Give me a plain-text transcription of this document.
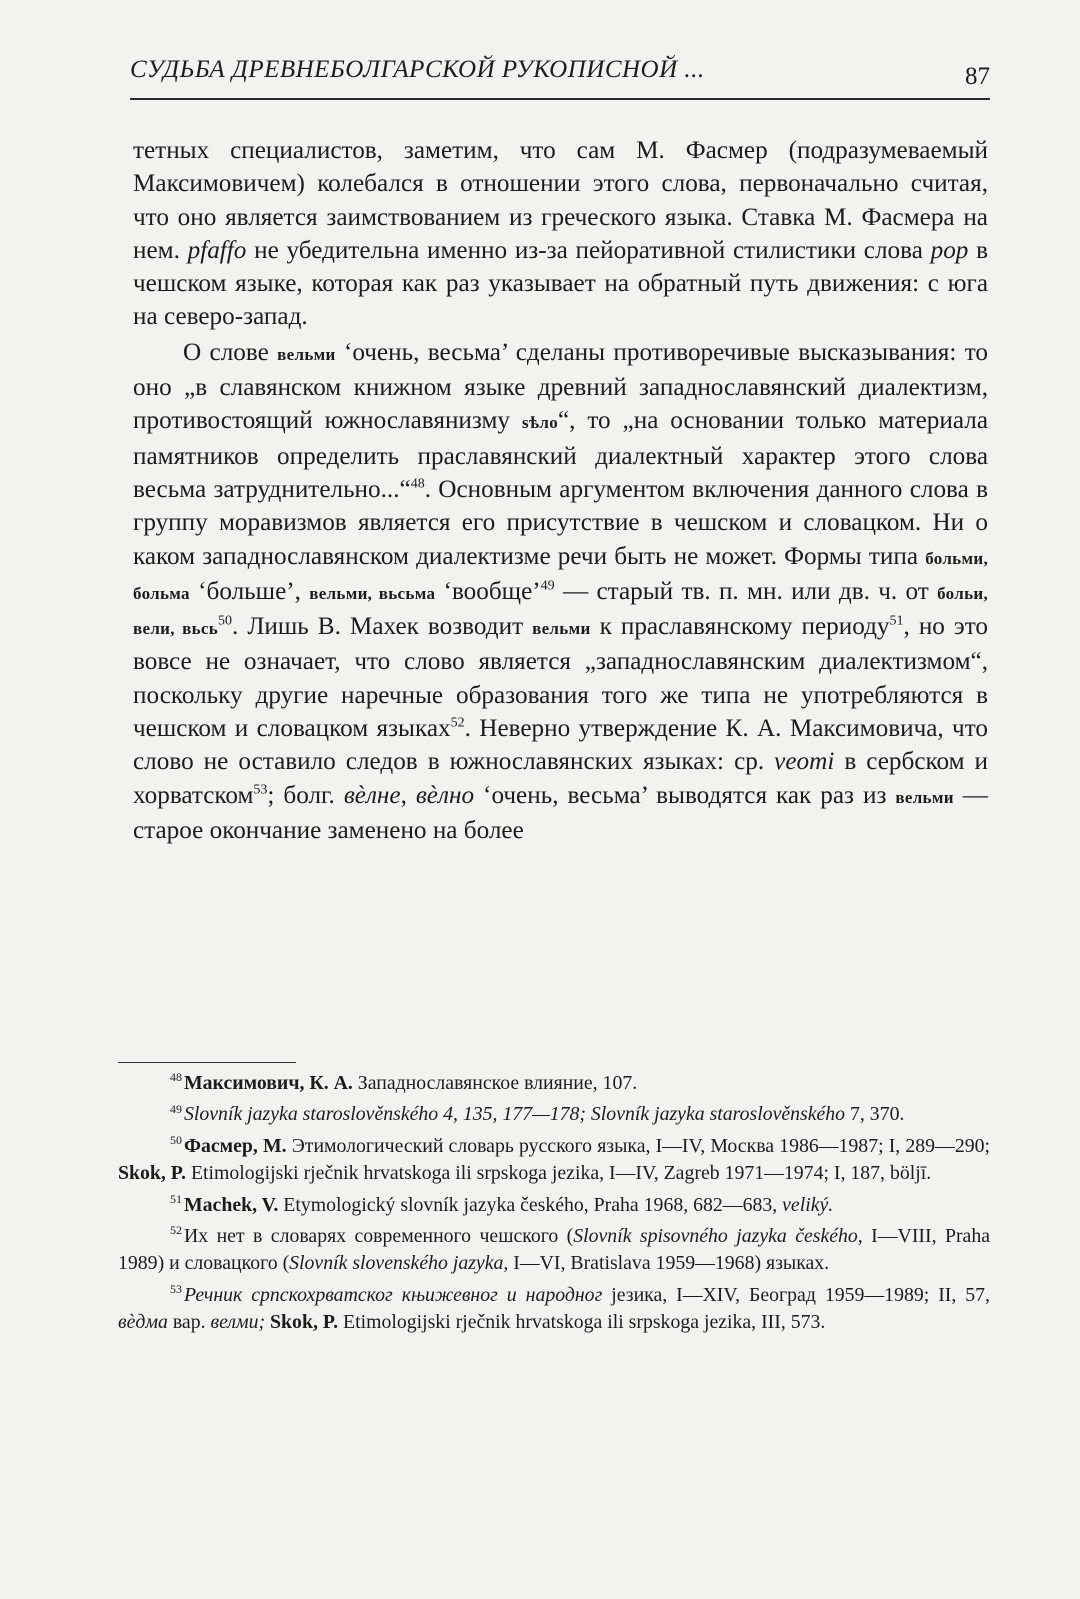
СУДЬБА ДРЕВНЕБОЛГАРСКОЙ РУКОПИСНОЙ ...	87

тетных специалистов, заметим, что сам М. Фасмер (подразумеваемый Максимовичем) колебался в отношении этого слова, первоначально считая, что оно является заимствованием из греческого языка. Ставка М. Фасмера на нем. pfaffo не убедительна именно из-за пейоративной стилистики слова pop в чешском языке, которая как раз указывает на обратный путь движения: с юга на северо-запад.

О слове вельми ‘очень, весьма’ сделаны противоречивые высказывания: то оно „в славянском книжном языке древний западнославянский диалектизм, противостоящий южнославянизму ѕѣло“, то „на основании только материала памятников определить праславянский диалектный характер этого слова весьма затруднительно...“$^{48}$. Основным аргументом включения данного слова в группу моравизмов является его присутствие в чешском и словацком. Ни о каком западнославянском диалектизме речи быть не может. Формы типа больми, больма ‘больше’, вельми, вьсьма ‘вообще’$^{49}$ — старый тв. п. мн. или дв. ч. от больи, вели, вьсь$^{50}$. Лишь В. Махек возводит вельми к праславянскому периоду$^{51}$, но это вовсе не означает, что слово является „западнославянским диалектизмом“, поскольку другие наречные образования того же типа не употребляются в чешском и словацком языках$^{52}$. Неверно утверждение К. А. Максимовича, что слово не оставило следов в южнославянских языках: ср. veomi в сербском и хорватском$^{53}$; болг. вѐлне, вѐлно ‘очень, весьма’ выводятся как раз из вельми — старое окончание заменено на более

$^{48}$ Максимович, К. А. Западнославянское влияние, 107.

$^{49}$ Slovník jazyka staroslověnského 4, 135, 177—178; Slovník jazyka staroslověnského 7, 370.

$^{50}$ Фасмер, М. Этимологический словарь русского языка, I—IV, Москва 1986—1987; I, 289—290; Skok, P. Etimologijski rječnik hrvatskoga ili srpskoga jezika, I—IV, Zagreb 1971—1974; I, 187, bölјī.

$^{51}$ Machek, V. Etymologický slovník jazyka českého, Praha 1968, 682—683, veliký.

$^{52}$ Их нет в словарях современного чешского (Slovník spisovného jazyka českého, I—VIII, Praha 1989) и словацкого (Slovník slovenského jazyka, I—VI, Bratislava 1959—1968) языках.

$^{53}$ Речник српскохрватског књижевног и народног језика, I—XIV, Београд 1959—1989; II, 57, вѐдма вар. велми; Skok, P. Etimologijski rječnik hrvatskoga ili srpskoga jezika, III, 573.
